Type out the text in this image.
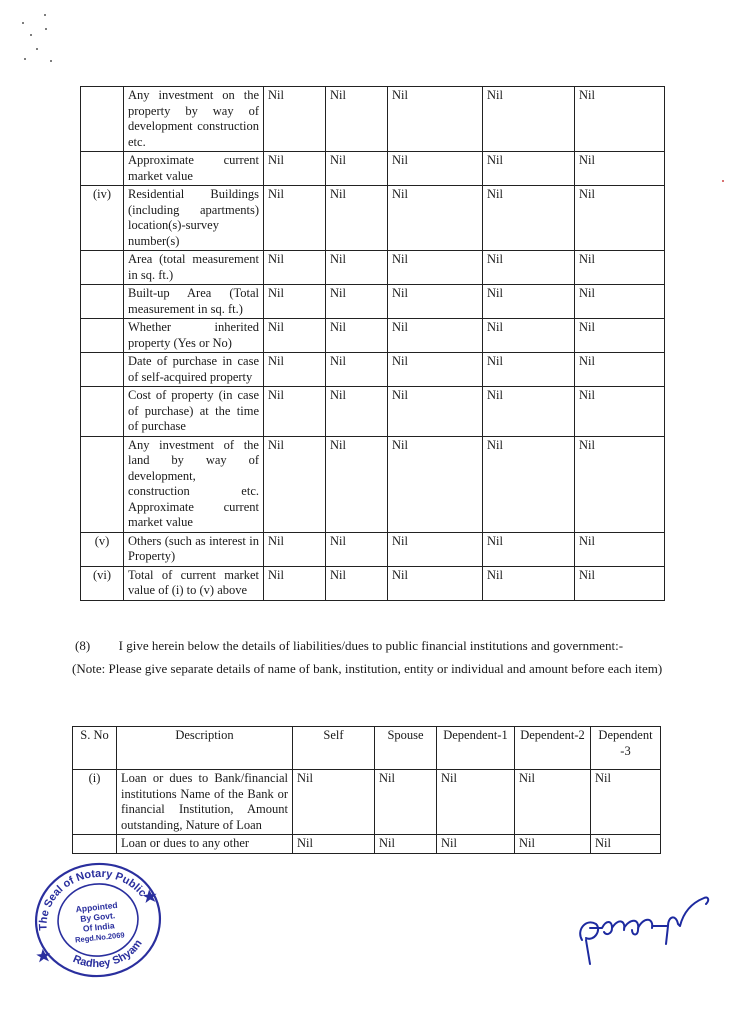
	Any investment on the property by way of development construction etc.	Nil	Nil	Nil	Nil	Nil
	Approximate current market value	Nil	Nil	Nil	Nil	Nil
(iv)	Residential Buildings (including apartments) location(s)-survey number(s)	Nil	Nil	Nil	Nil	Nil
	Area (total measurement in sq. ft.)	Nil	Nil	Nil	Nil	Nil
	Built-up Area (Total measurement in sq. ft.)	Nil	Nil	Nil	Nil	Nil
	Whether inherited property (Yes or No)	Nil	Nil	Nil	Nil	Nil
	Date of purchase in case of self-acquired property	Nil	Nil	Nil	Nil	Nil
	Cost of property (in case of purchase) at the time of purchase	Nil	Nil	Nil	Nil	Nil
	Any investment of the land by way of development, construction etc. Approximate current market value	Nil	Nil	Nil	Nil	Nil
(v)	Others (such as interest in Property)	Nil	Nil	Nil	Nil	Nil
(vi)	Total of current market value of (i) to (v) above	Nil	Nil	Nil	Nil	Nil
(8) I give herein below the details of liabilities/dues to public financial institutions and government:-
(Note: Please give separate details of name of bank, institution, entity or individual and amount before each item)
S. No	Description	Self	Spouse	Dependent-1	Dependent-2	Dependent -3
(i)	Loan or dues to Bank/financial institutions Name of the Bank or financial Institution, Amount outstanding, Nature of Loan	Nil	Nil	Nil	Nil	Nil
	Loan or dues to any other	Nil	Nil	Nil	Nil	Nil
The Seal of Notary Public
Radhey Shyam
Appointed
By Govt.
Of India
Regd.No.2069
